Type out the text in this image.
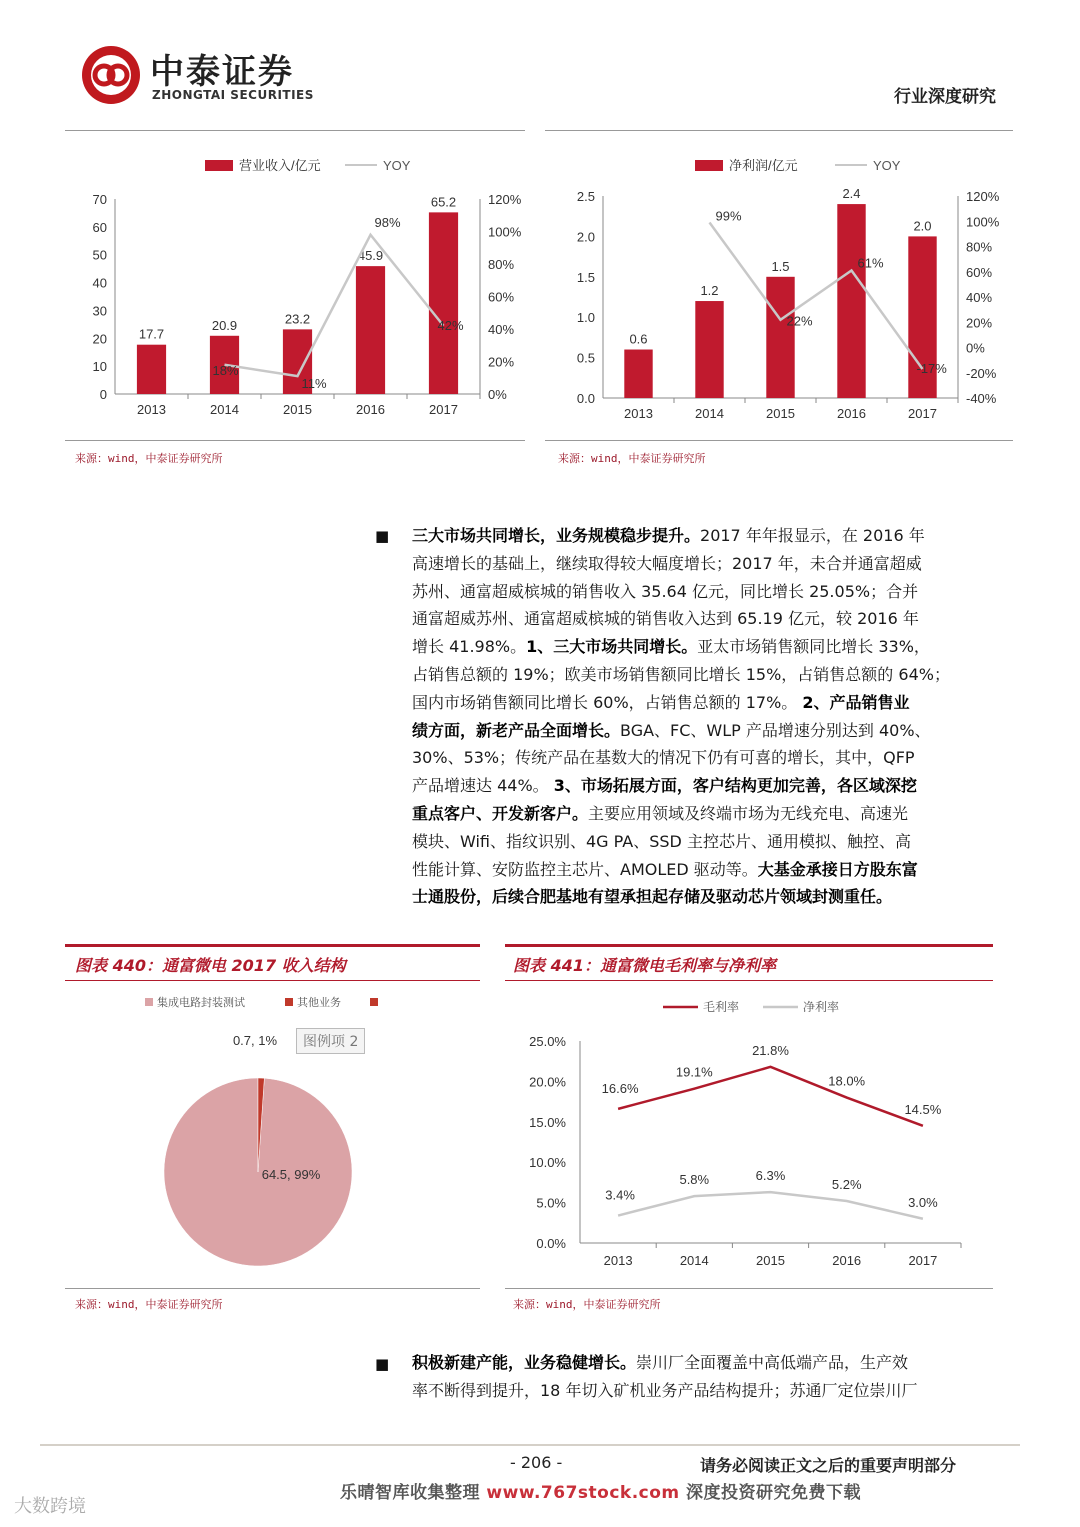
中泰证券
ZHONGTAI SECURITIES	行业深度研究
营业收入/亿元	YOY
0
10
20
30
40
50
60
70
0%
20%
40%
60%
80%
100%
120%
17.7
2013
20.9
2014
23.2
2015
45.9
2016
65.2
2017
18%
11%
98%
42%
净利润/亿元	YOY
0.0
0.5
1.0
1.5
2.0
2.5
-40%
-20%
0%
20%
40%
60%
80%
100%
120%
0.6
2013
1.2
2014
1.5
2015
2.4
2016
2.0
2017
99%
22%
61%
-17%
来源：wind，中泰证券研究所	来源：wind，中泰证券研究所
■ 三大市场共同增长，业务规模稳步提升。2017 年年报显示，在 2016 年
高速增长的基础上，继续取得较大幅度增长；2017 年，未合并通富超威
苏州、通富超威槟城的销售收入 35.64 亿元，同比增长 25.05%；合并
通富超威苏州、通富超威槟城的销售收入达到 65.19 亿元，较 2016 年
增长 41.98%。1、三大市场共同增长。亚太市场销售额同比增长 33%，
占销售总额的 19%；欧美市场销售额同比增长 15%，占销售总额的 64%；
国内市场销售额同比增长 60%，占销售总额的 17%。 2、产品销售业
绩方面，新老产品全面增长。BGA、FC、WLP 产品增速分别达到 40%、
30%、53%；传统产品在基数大的情况下仍有可喜的增长，其中，QFP
产品增速达 44%。 3、市场拓展方面，客户结构更加完善，各区域深挖
重点客户、开发新客户。主要应用领域及终端市场为无线充电、高速光
模块、Wifi、指纹识别、4G PA、SSD 主控芯片、通用模拟、触控、高
性能计算、安防监控主芯片、AMOLED 驱动等。大基金承接日方股东富
士通股份，后续合肥基地有望承担起存储及驱动芯片领域封测重任。
图表 440：通富微电 2017 收入结构	图表 441：通富微电毛利率与净利率
集成电路封装测试	其他业务
64.5, 99%
0.7, 1%	图例项 2
毛利率	净利率
0.0%
5.0%
10.0%
15.0%
20.0%
25.0%
2013	2014	2015	2016	2017
16.6%
19.1%
21.8%
18.0%
14.5%
3.4%
5.8%	6.3%
5.2%
3.0%
来源：wind，中泰证券研究所	来源：wind，中泰证券研究所
■ 积极新建产能，业务稳健增长。崇川厂全面覆盖中高低端产品，生产效
率不断得到提升，18 年切入矿机业务产品结构提升；苏通厂定位崇川厂
- 206 -	请务必阅读正文之后的重要声明部分
乐晴智库收集整理 www.767stock.com 深度投资研究免费下载
大数跨境
